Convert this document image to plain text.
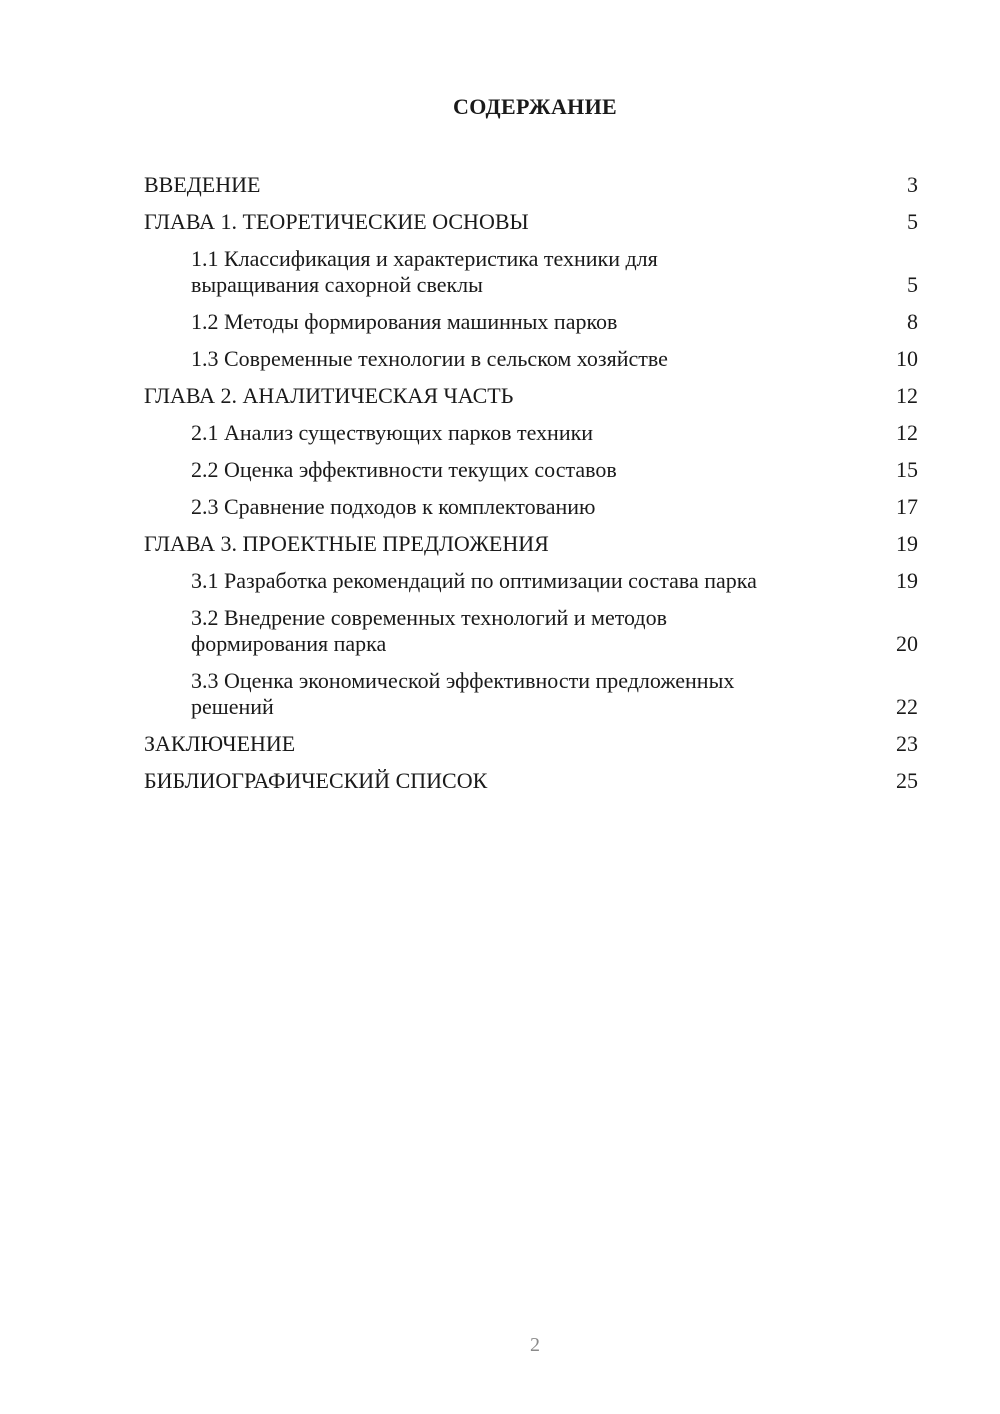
СОДЕРЖАНИЕ
ВВЕДЕНИЕ	3
ГЛАВА 1. ТЕОРЕТИЧЕСКИЕ ОСНОВЫ	5
1.1 Классификация и характеристика техники для выращивания сахорной свеклы	5
1.2 Методы формирования машинных парков	8
1.3 Современные технологии в сельском хозяйстве	10
ГЛАВА 2. АНАЛИТИЧЕСКАЯ ЧАСТЬ	12
2.1 Анализ существующих парков техники	12
2.2 Оценка эффективности текущих составов	15
2.3 Сравнение подходов к комплектованию	17
ГЛАВА 3. ПРОЕКТНЫЕ ПРЕДЛОЖЕНИЯ	19
3.1 Разработка рекомендаций по оптимизации состава парка	19
3.2 Внедрение современных технологий и методов формирования парка	20
3.3 Оценка экономической эффективности предложенных решений	22
ЗАКЛЮЧЕНИЕ	23
БИБЛИОГРАФИЧЕСКИЙ СПИСОК	25
2
